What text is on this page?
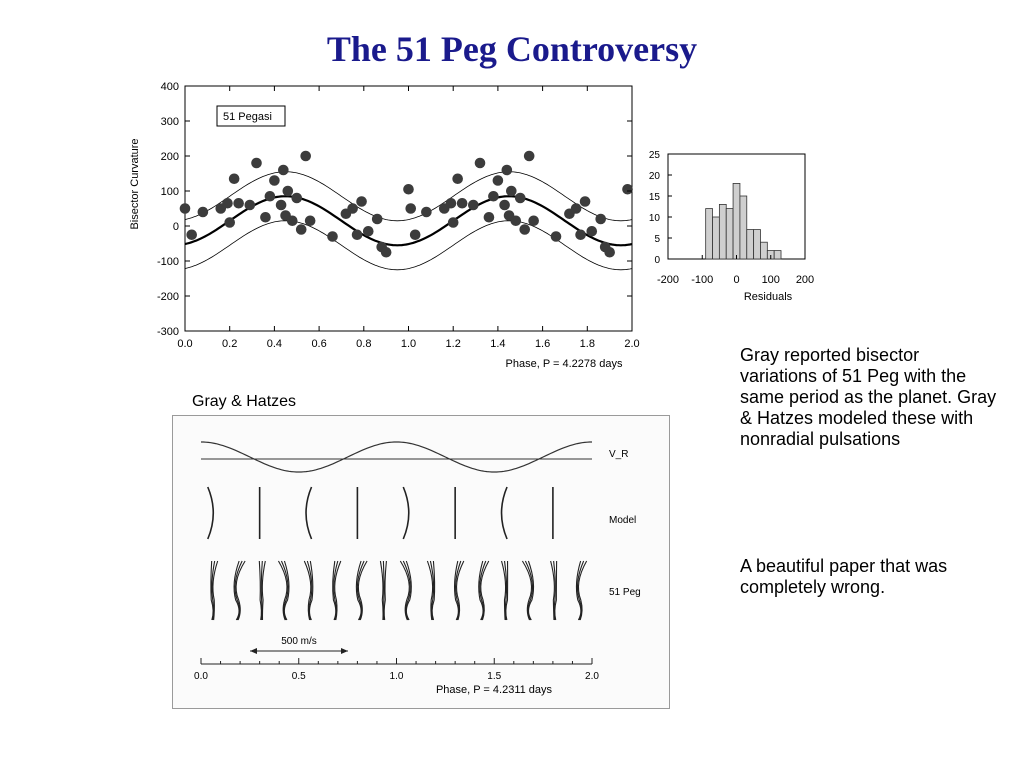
The 51 Peg Controversy
400
300
200
100
0
-100
-200
-300
0.0	0.2	0.4	0.6	0.8	1.0	1.2	1.4	1.6	1.8	2.0
51 Pegasi
Phase, P = 4.2278 days
Bisector Curvature	25
20
15
10
5
0
-200 -100 0 100 200
Residuals
Gray & Hatzes
V_R
Model
51 Peg
500 m/s
0.0	0.5	1.0	1.5	2.0
Phase, P = 4.2311 days
Gray reported bisector variations of 51 Peg with the same period as the planet. Gray & Hatzes modeled these with nonradial pulsations
A beautiful paper that was completely wrong.
